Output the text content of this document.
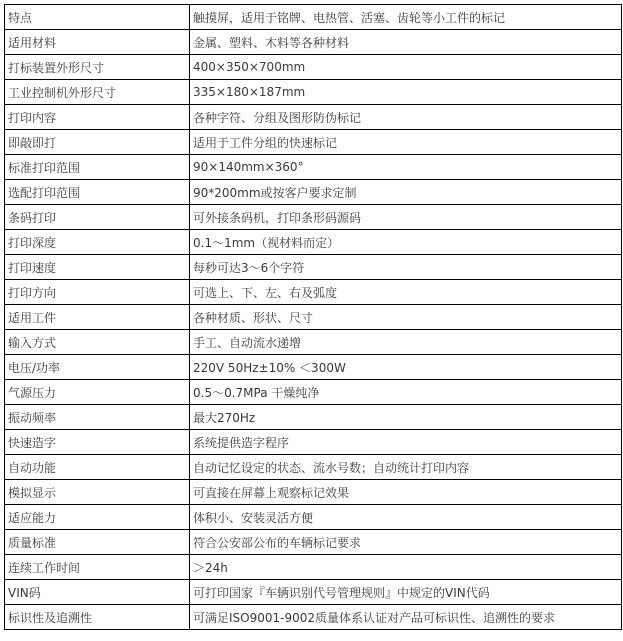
特点	触摸屏，适用于铭牌、电热管、活塞、齿轮等小工件的标记
适用材料	金属、塑料、木料等各种材料
打标装置外形尺寸	400×350×700mm
工业控制机外形尺寸	335×180×187mm
打印内容	各种字符、分组及图形防伪标记
即敲即打	适用于工件分组的快速标记
标准打印范围	90×140mm×360°
选配打印范围	90*200mm或按客户要求定制
条码打印	可外接条码机，打印条形码源码
打印深度	0.1～1mm（视材料而定）
打印速度	每秒可达3～6个字符
打印方向	可选上、下、左、右及弧度
适用工件	各种材质、形状、尺寸
输入方式	手工、自动流水递增
电压/功率	220V 50Hz±10% ＜300W
气源压力	0.5～0.7MPa 干燥纯净
振动频率	最大270Hz
快速造字	系统提供造字程序
自动功能	自动记忆设定的状态、流水号数；自动统计打印内容
模拟显示	可直接在屏幕上观察标记效果
适应能力	体积小、安装灵活方便
质量标准	符合公安部公布的车辆标记要求
连续工作时间	＞24h
VIN码	可打印国家『车辆识别代号管理规则』中规定的VIN代码
标识性及追溯性	可满足ISO9001-9002质量体系认证对产品可标识性、追溯性的要求
